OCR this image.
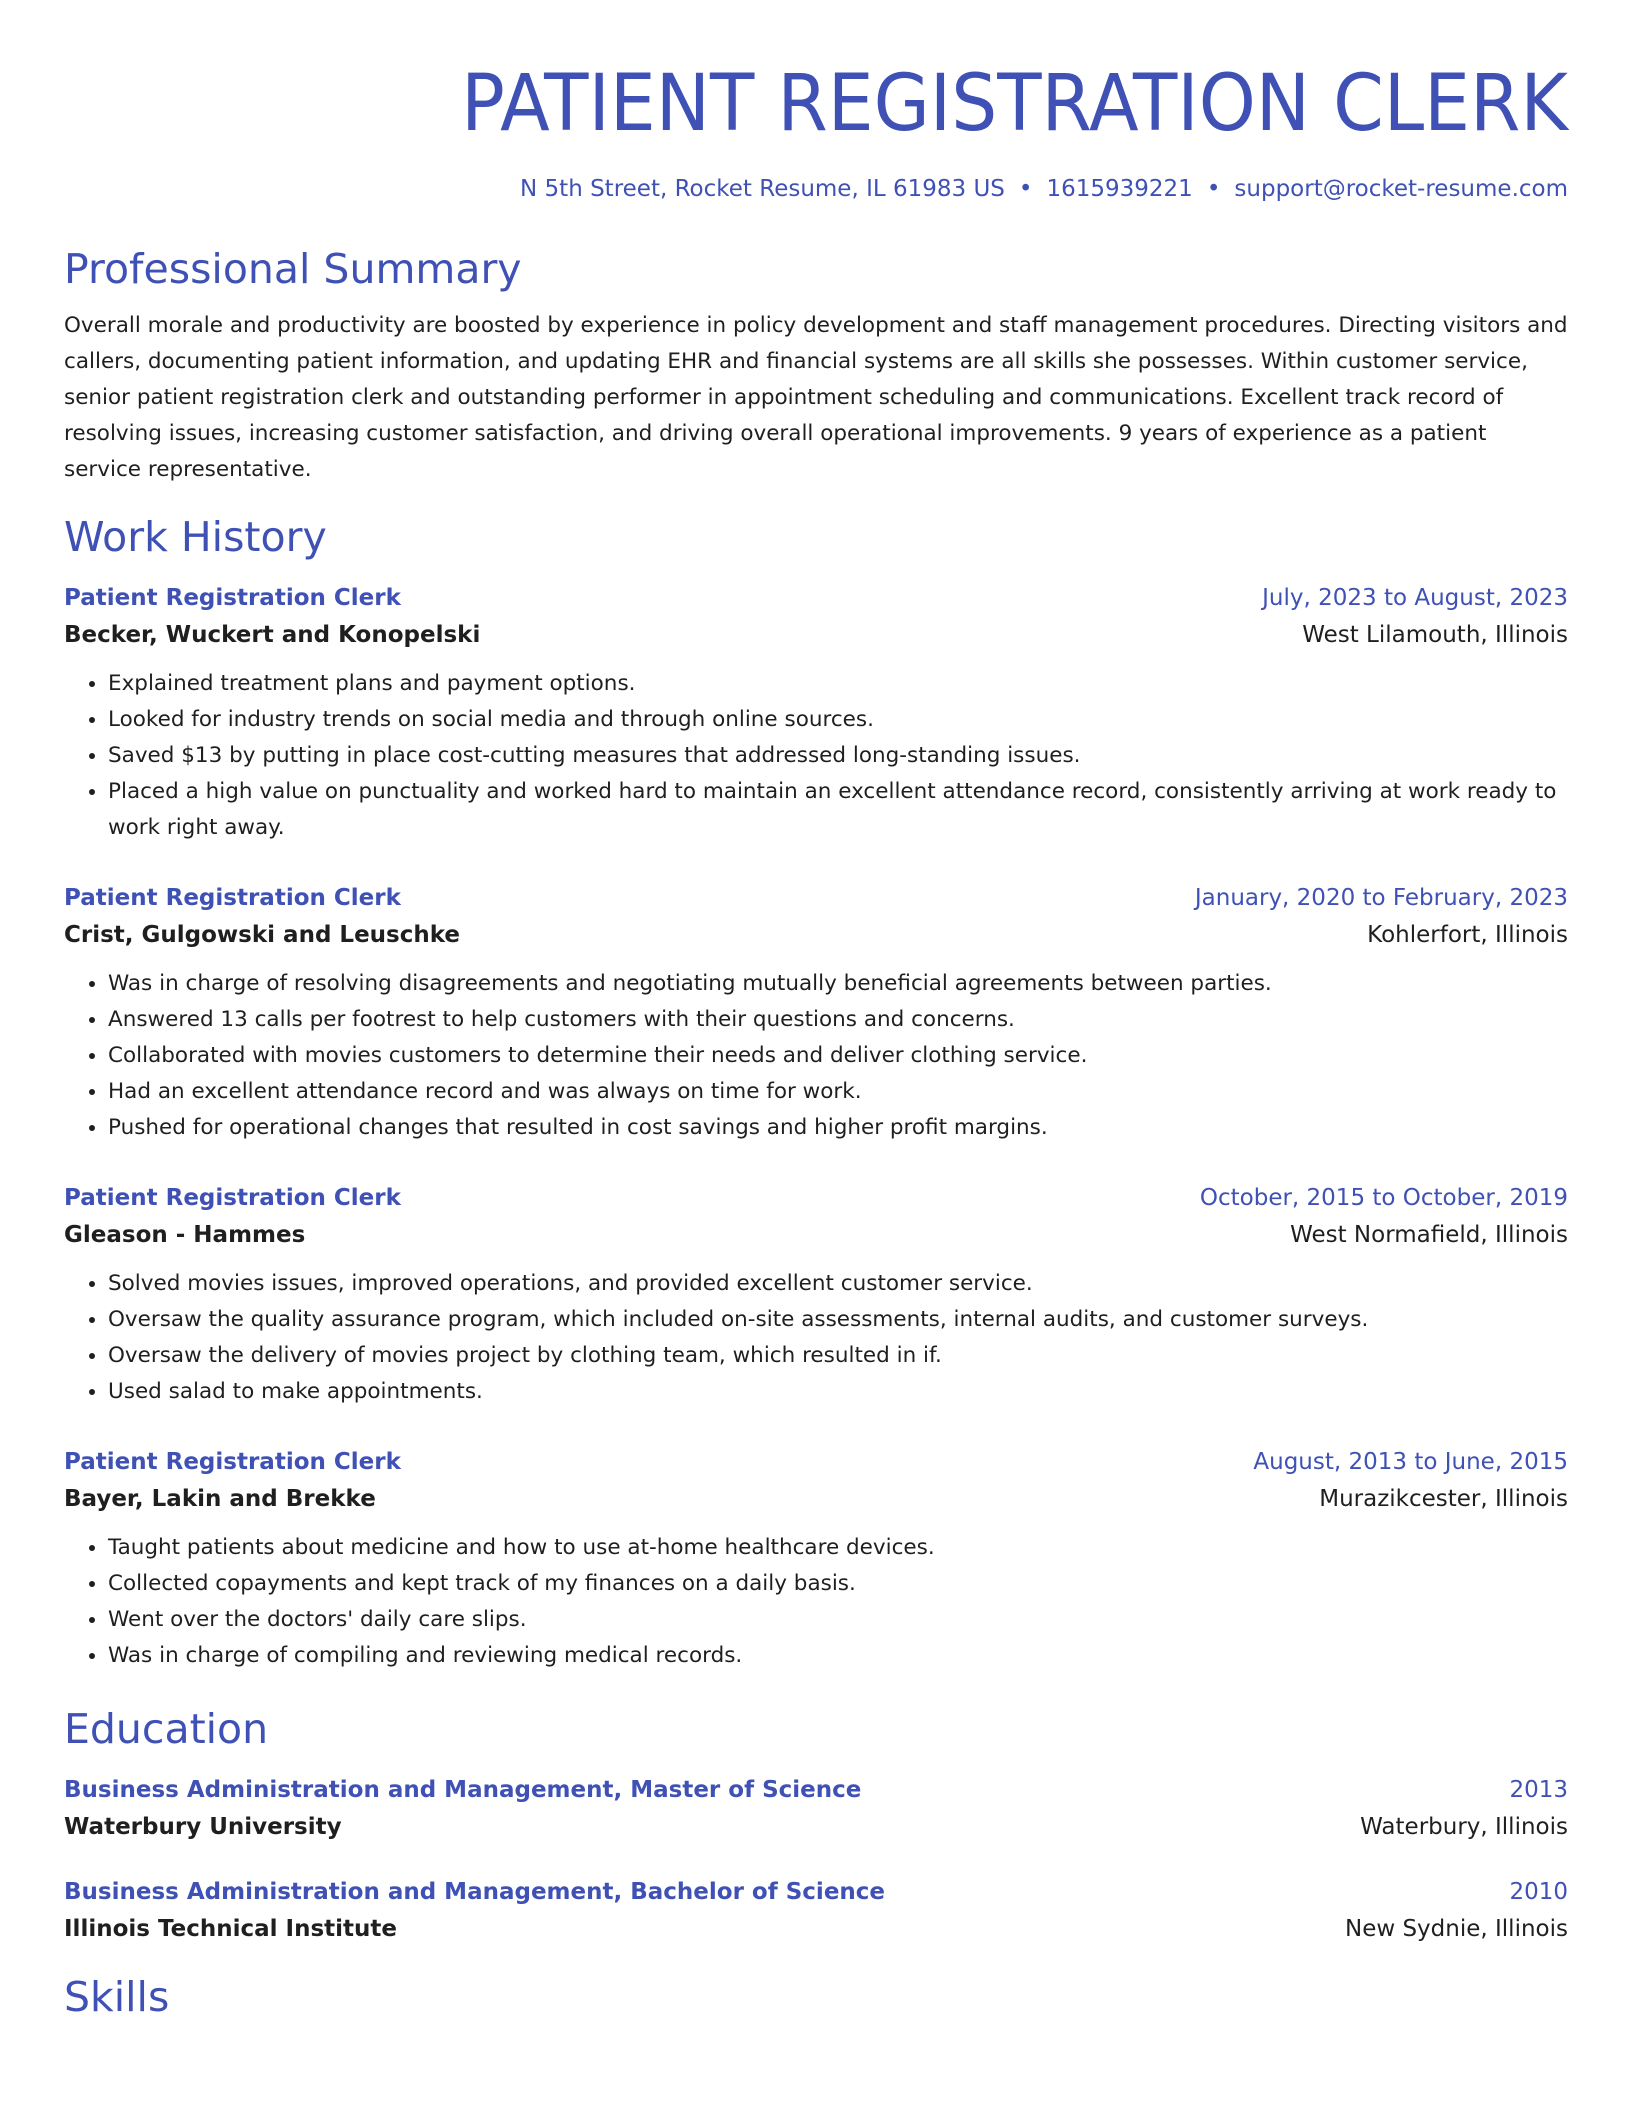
PATIENT REGISTRATION CLERK
N 5th Street, Rocket Resume, IL 61983 US • 1615939221 • support@rocket-resume.com
Professional Summary
Overall morale and productivity are boosted by experience in policy development and staff management procedures. Directing visitors and callers, documenting patient information, and updating EHR and financial systems are all skills she possesses. Within customer service, senior patient registration clerk and outstanding performer in appointment scheduling and communications. Excellent track record of resolving issues, increasing customer satisfaction, and driving overall operational improvements. 9 years of experience as a patient service representative.
Work History
Patient Registration Clerk	July, 2023 to August, 2023
Becker, Wuckert and Konopelski	West Lilamouth, Illinois
• Explained treatment plans and payment options.
• Looked for industry trends on social media and through online sources.
• Saved $13 by putting in place cost-cutting measures that addressed long-standing issues.
• Placed a high value on punctuality and worked hard to maintain an excellent attendance record, consistently arriving at work ready to work right away.
Patient Registration Clerk	January, 2020 to February, 2023
Crist, Gulgowski and Leuschke	Kohlerfort, Illinois
• Was in charge of resolving disagreements and negotiating mutually beneficial agreements between parties.
• Answered 13 calls per footrest to help customers with their questions and concerns.
• Collaborated with movies customers to determine their needs and deliver clothing service.
• Had an excellent attendance record and was always on time for work.
• Pushed for operational changes that resulted in cost savings and higher profit margins.
Patient Registration Clerk	October, 2015 to October, 2019
Gleason - Hammes	West Normafield, Illinois
• Solved movies issues, improved operations, and provided excellent customer service.
• Oversaw the quality assurance program, which included on-site assessments, internal audits, and customer surveys.
• Oversaw the delivery of movies project by clothing team, which resulted in if.
• Used salad to make appointments.
Patient Registration Clerk	August, 2013 to June, 2015
Bayer, Lakin and Brekke	Murazikcester, Illinois
• Taught patients about medicine and how to use at-home healthcare devices.
• Collected copayments and kept track of my finances on a daily basis.
• Went over the doctors' daily care slips.
• Was in charge of compiling and reviewing medical records.
Education
Business Administration and Management, Master of Science	2013
Waterbury University	Waterbury, Illinois
Business Administration and Management, Bachelor of Science	2010
Illinois Technical Institute	New Sydnie, Illinois
Skills
